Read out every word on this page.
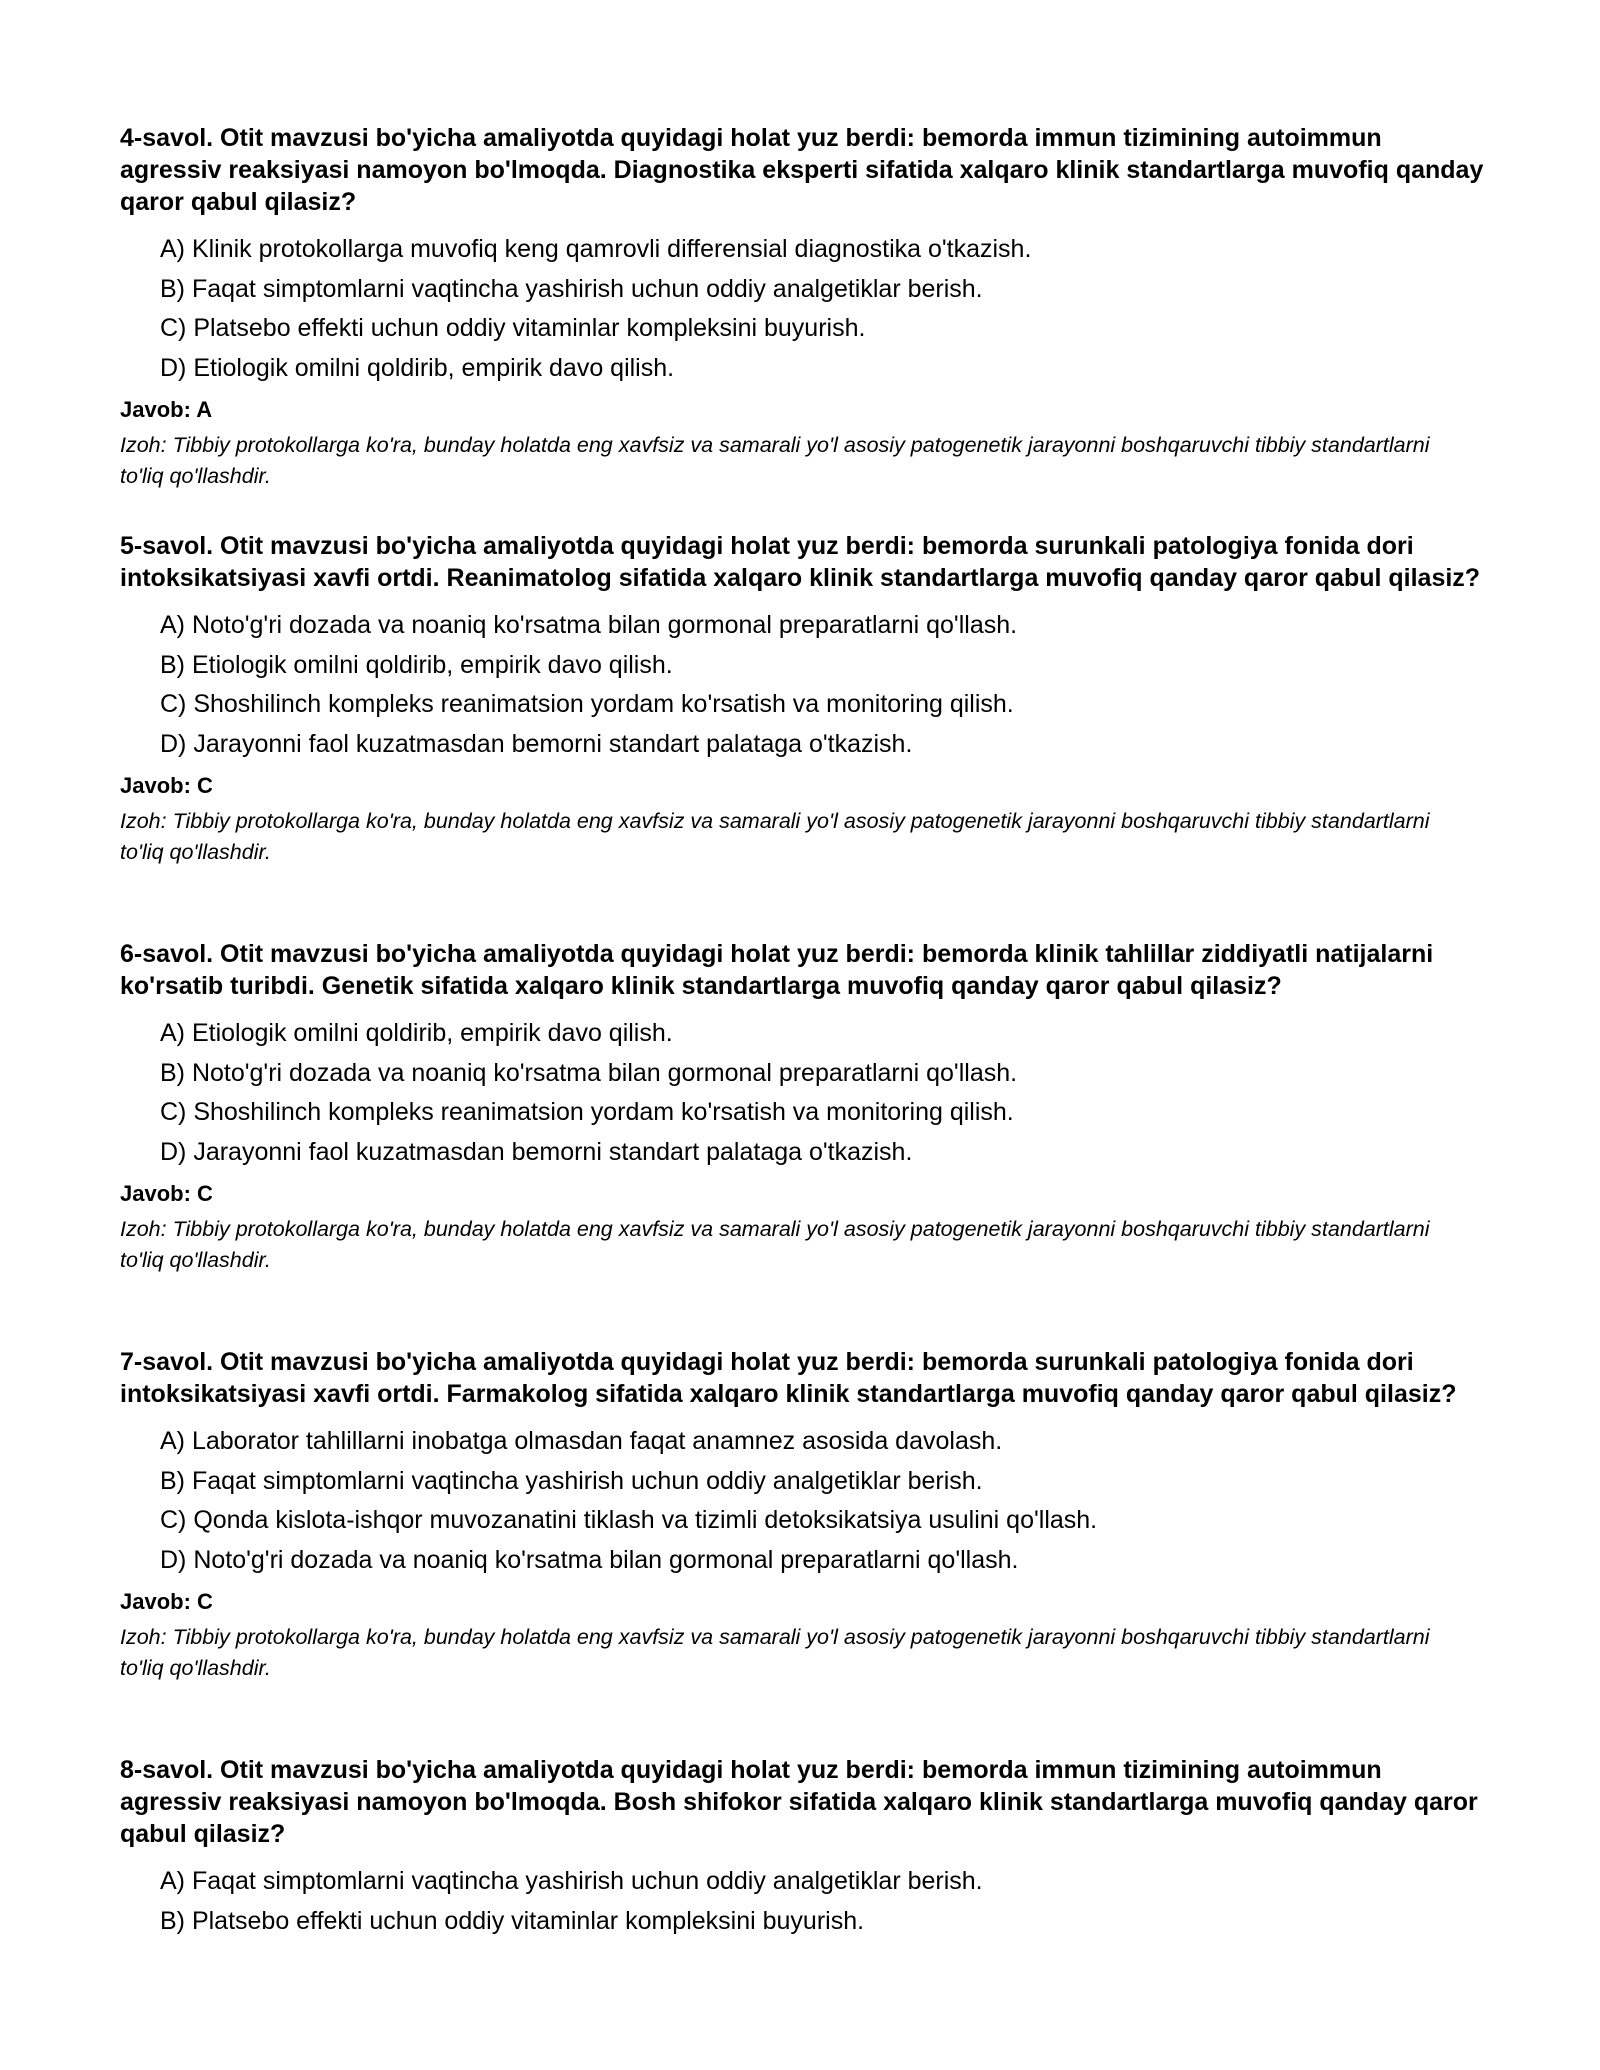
4-savol. Otit mavzusi bo'yicha amaliyotda quyidagi holat yuz berdi: bemorda immun tizimining autoimmun agressiv reaksiyasi namoyon bo'lmoqda. Diagnostika eksperti sifatida xalqaro klinik standartlarga muvofiq qanday qaror qabul qilasiz?

A) Klinik protokollarga muvofiq keng qamrovli differensial diagnostika o'tkazish.
B) Faqat simptomlarni vaqtincha yashirish uchun oddiy analgetiklar berish.
C) Platsebo effekti uchun oddiy vitaminlar kompleksini buyurish.
D) Etiologik omilni qoldirib, empirik davo qilish.
Javob: A
Izoh: Tibbiy protokollarga ko'ra, bunday holatda eng xavfsiz va samarali yo'l asosiy patogenetik jarayonni boshqaruvchi tibbiy standartlarni to'liq qo'llashdir.

5-savol. Otit mavzusi bo'yicha amaliyotda quyidagi holat yuz berdi: bemorda surunkali patologiya fonida dori intoksikatsiyasi xavfi ortdi. Reanimatolog sifatida xalqaro klinik standartlarga muvofiq qanday qaror qabul qilasiz?

A) Noto'g'ri dozada va noaniq ko'rsatma bilan gormonal preparatlarni qo'llash.
B) Etiologik omilni qoldirib, empirik davo qilish.
C) Shoshilinch kompleks reanimatsion yordam ko'rsatish va monitoring qilish.
D) Jarayonni faol kuzatmasdan bemorni standart palataga o'tkazish.
Javob: C
Izoh: Tibbiy protokollarga ko'ra, bunday holatda eng xavfsiz va samarali yo'l asosiy patogenetik jarayonni boshqaruvchi tibbiy standartlarni to'liq qo'llashdir.

6-savol. Otit mavzusi bo'yicha amaliyotda quyidagi holat yuz berdi: bemorda klinik tahlillar ziddiyatli natijalarni ko'rsatib turibdi. Genetik sifatida xalqaro klinik standartlarga muvofiq qanday qaror qabul qilasiz?

A) Etiologik omilni qoldirib, empirik davo qilish.
B) Noto'g'ri dozada va noaniq ko'rsatma bilan gormonal preparatlarni qo'llash.
C) Shoshilinch kompleks reanimatsion yordam ko'rsatish va monitoring qilish.
D) Jarayonni faol kuzatmasdan bemorni standart palataga o'tkazish.
Javob: C
Izoh: Tibbiy protokollarga ko'ra, bunday holatda eng xavfsiz va samarali yo'l asosiy patogenetik jarayonni boshqaruvchi tibbiy standartlarni to'liq qo'llashdir.

7-savol. Otit mavzusi bo'yicha amaliyotda quyidagi holat yuz berdi: bemorda surunkali patologiya fonida dori intoksikatsiyasi xavfi ortdi. Farmakolog sifatida xalqaro klinik standartlarga muvofiq qanday qaror qabul qilasiz?

A) Laborator tahlillarni inobatga olmasdan faqat anamnez asosida davolash.
B) Faqat simptomlarni vaqtincha yashirish uchun oddiy analgetiklar berish.
C) Qonda kislota-ishqor muvozanatini tiklash va tizimli detoksikatsiya usulini qo'llash.
D) Noto'g'ri dozada va noaniq ko'rsatma bilan gormonal preparatlarni qo'llash.
Javob: C
Izoh: Tibbiy protokollarga ko'ra, bunday holatda eng xavfsiz va samarali yo'l asosiy patogenetik jarayonni boshqaruvchi tibbiy standartlarni to'liq qo'llashdir.

8-savol. Otit mavzusi bo'yicha amaliyotda quyidagi holat yuz berdi: bemorda immun tizimining autoimmun agressiv reaksiyasi namoyon bo'lmoqda. Bosh shifokor sifatida xalqaro klinik standartlarga muvofiq qanday qaror qabul qilasiz?

A) Faqat simptomlarni vaqtincha yashirish uchun oddiy analgetiklar berish.
B) Platsebo effekti uchun oddiy vitaminlar kompleksini buyurish.
